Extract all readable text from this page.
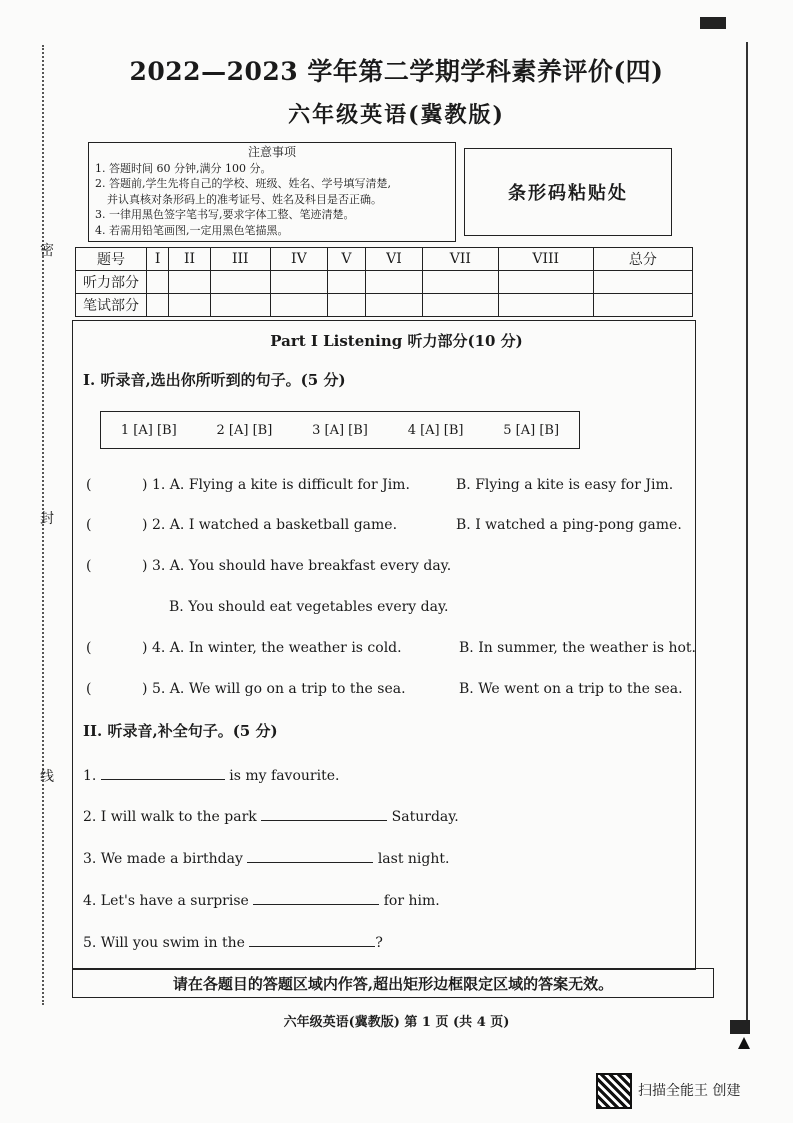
密
封
线
2022—2023 学年第二学期学科素养评价(四)
六年级英语(冀教版)
注意事项
1. 答题时间 60 分钟,满分 100 分。
2. 答题前,学生先将自己的学校、班级、姓名、学号填写清楚,
并认真核对条形码上的准考证号、姓名及科目是否正确。
3. 一律用黑色签字笔书写,要求字体工整、笔迹清楚。
4. 若需用铅笔画图,一定用黑色笔描黑。
条形码粘贴处
题号	I	II	III	IV	V	VI	VII	VIII	总分
听力部分									
笔试部分									
Part I Listening 听力部分(10 分)
I. 听录音,选出你所听到的句子。(5 分)
1 [A] [B]	2 [A] [B]	3 [A] [B]	4 [A] [B]	5 [A] [B]
(	) 1. A. Flying a kite is difficult for Jim.	B. Flying a kite is easy for Jim.
(	) 2. A. I watched a basketball game.	B. I watched a ping-pong game.
(	) 3. A. You should have breakfast every day.
B. You should eat vegetables every day.
(	) 4. A. In winter, the weather is cold.	B. In summer, the weather is hot.
(	) 5. A. We will go on a trip to the sea.	B. We went on a trip to the sea.
II. 听录音,补全句子。(5 分)
1.	is my favourite.
2. I will walk to the park	Saturday.
3. We made a birthday	last night.
4. Let's have a surprise	for him.
5. Will you swim in the	?
请在各题目的答题区域内作答,超出矩形边框限定区域的答案无效。
六年级英语(冀教版) 第 1 页 (共 4 页)
扫描全能王 创建
